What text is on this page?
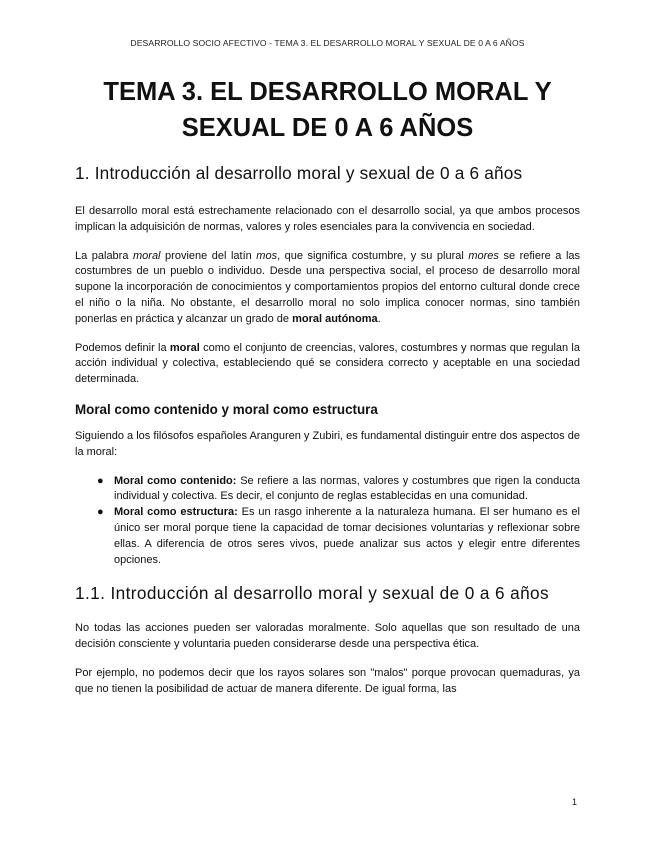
DESARROLLO SOCIO AFECTIVO - TEMA 3. EL DESARROLLO MORAL Y SEXUAL DE 0 A 6 AÑOS
TEMA 3. EL DESARROLLO MORAL Y
SEXUAL DE 0 A 6 AÑOS
1. Introducción al desarrollo moral y sexual de 0 a 6 años

El desarrollo moral está estrechamente relacionado con el desarrollo social, ya que ambos procesos implican la adquisición de normas, valores y roles esenciales para la convivencia en sociedad.

La palabra moral proviene del latín mos, que significa costumbre, y su plural mores se refiere a las costumbres de un pueblo o individuo. Desde una perspectiva social, el proceso de desarrollo moral supone la incorporación de conocimientos y comportamientos propios del entorno cultural donde crece el niño o la niña. No obstante, el desarrollo moral no solo implica conocer normas, sino también ponerlas en práctica y alcanzar un grado de moral autónoma.

Podemos definir la moral como el conjunto de creencias, valores, costumbres y normas que regulan la acción individual y colectiva, estableciendo qué se considera correcto y aceptable en una sociedad determinada.

Moral como contenido y moral como estructura

Siguiendo a los filósofos españoles Aranguren y Zubiri, es fundamental distinguir entre dos aspectos de la moral:

● Moral como contenido: Se refiere a las normas, valores y costumbres que rigen la conducta individual y colectiva. Es decir, el conjunto de reglas establecidas en una comunidad.
● Moral como estructura: Es un rasgo inherente a la naturaleza humana. El ser humano es el único ser moral porque tiene la capacidad de tomar decisiones voluntarias y reflexionar sobre ellas. A diferencia de otros seres vivos, puede analizar sus actos y elegir entre diferentes opciones.
1.1. Introducción al desarrollo moral y sexual de 0 a 6 años

No todas las acciones pueden ser valoradas moralmente. Solo aquellas que son resultado de una decisión consciente y voluntaria pueden considerarse desde una perspectiva ética.

Por ejemplo, no podemos decir que los rayos solares son "malos" porque provocan quemaduras, ya que no tienen la posibilidad de actuar de manera diferente. De igual forma, las

1
